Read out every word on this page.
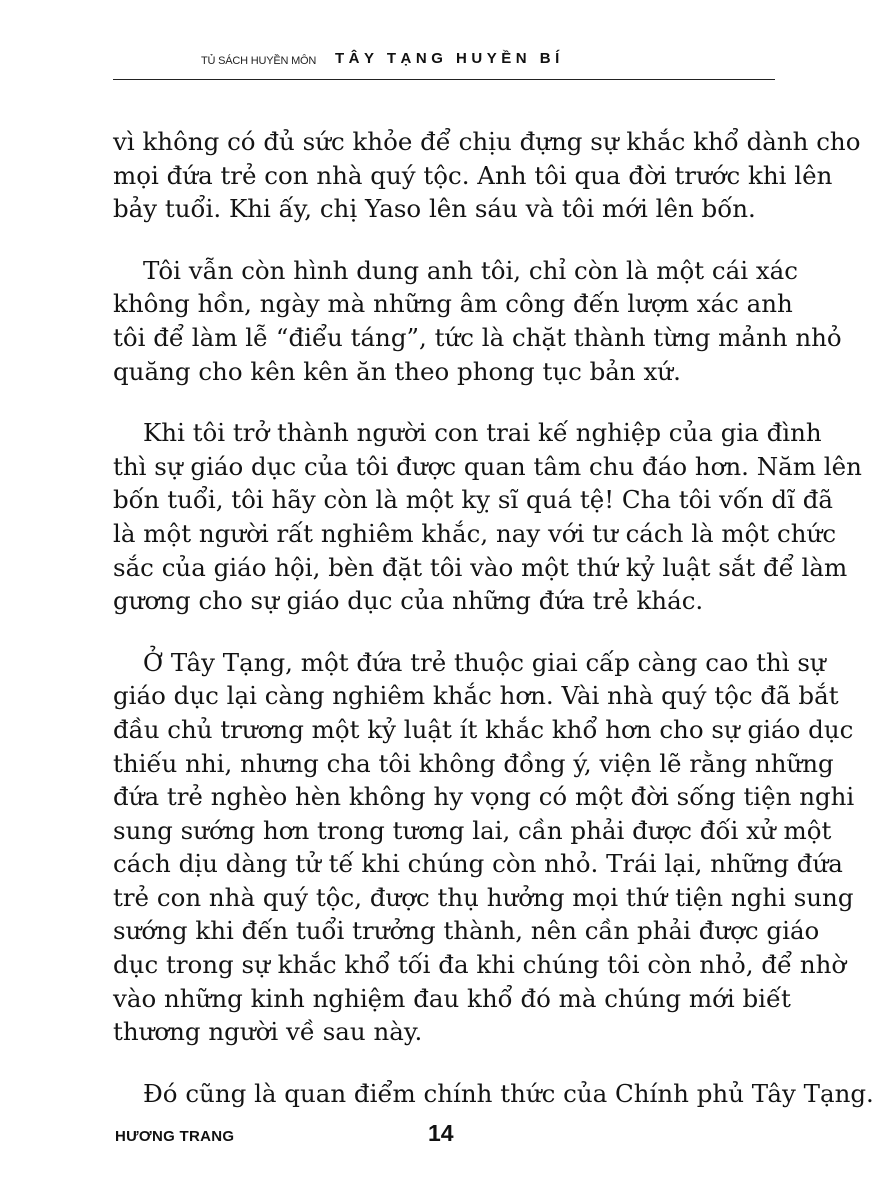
TỦ SÁCH HUYỀN MÔN TÂY TẠNG HUYỀN BÍ

vì không có đủ sức khỏe để chịu đựng sự khắc khổ dành cho
mọi đứa trẻ con nhà quý tộc. Anh tôi qua đời trước khi lên
bảy tuổi. Khi ấy, chị Yaso lên sáu và tôi mới lên bốn.

Tôi vẫn còn hình dung anh tôi, chỉ còn là một cái xác
không hồn, ngày mà những âm công đến lượm xác anh
tôi để làm lễ “điểu táng”, tức là chặt thành từng mảnh nhỏ
quăng cho kên kên ăn theo phong tục bản xứ.

Khi tôi trở thành người con trai kế nghiệp của gia đình
thì sự giáo dục của tôi được quan tâm chu đáo hơn. Năm lên
bốn tuổi, tôi hãy còn là một kỵ sĩ quá tệ! Cha tôi vốn dĩ đã
là một người rất nghiêm khắc, nay với tư cách là một chức
sắc của giáo hội, bèn đặt tôi vào một thứ kỷ luật sắt để làm
gương cho sự giáo dục của những đứa trẻ khác.

Ở Tây Tạng, một đứa trẻ thuộc giai cấp càng cao thì sự
giáo dục lại càng nghiêm khắc hơn. Vài nhà quý tộc đã bắt
đầu chủ trương một kỷ luật ít khắc khổ hơn cho sự giáo dục
thiếu nhi, nhưng cha tôi không đồng ý, viện lẽ rằng những
đứa trẻ nghèo hèn không hy vọng có một đời sống tiện nghi
sung sướng hơn trong tương lai, cần phải được đối xử một
cách dịu dàng tử tế khi chúng còn nhỏ. Trái lại, những đứa
trẻ con nhà quý tộc, được thụ hưởng mọi thứ tiện nghi sung
sướng khi đến tuổi trưởng thành, nên cần phải được giáo
dục trong sự khắc khổ tối đa khi chúng tôi còn nhỏ, để nhờ
vào những kinh nghiệm đau khổ đó mà chúng mới biết
thương người về sau này.

Đó cũng là quan điểm chính thức của Chính phủ Tây Tạng.

HƯƠNG TRANG	14
